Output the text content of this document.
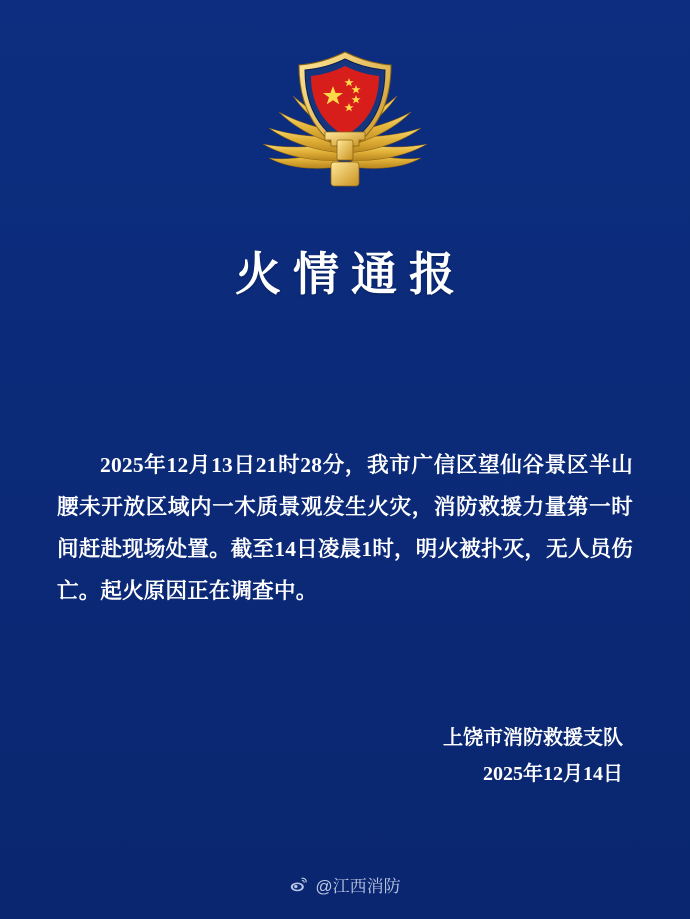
火情通报

2025年12月13日21时28分，我市广信区望仙谷景区半山腰未开放区域内一木质景观发生火灾，消防救援力量第一时间赶赴现场处置。截至14日凌晨1时，明火被扑灭，无人员伤亡。起火原因正在调查中。

上饶市消防救援支队
2025年12月14日
@江西消防
